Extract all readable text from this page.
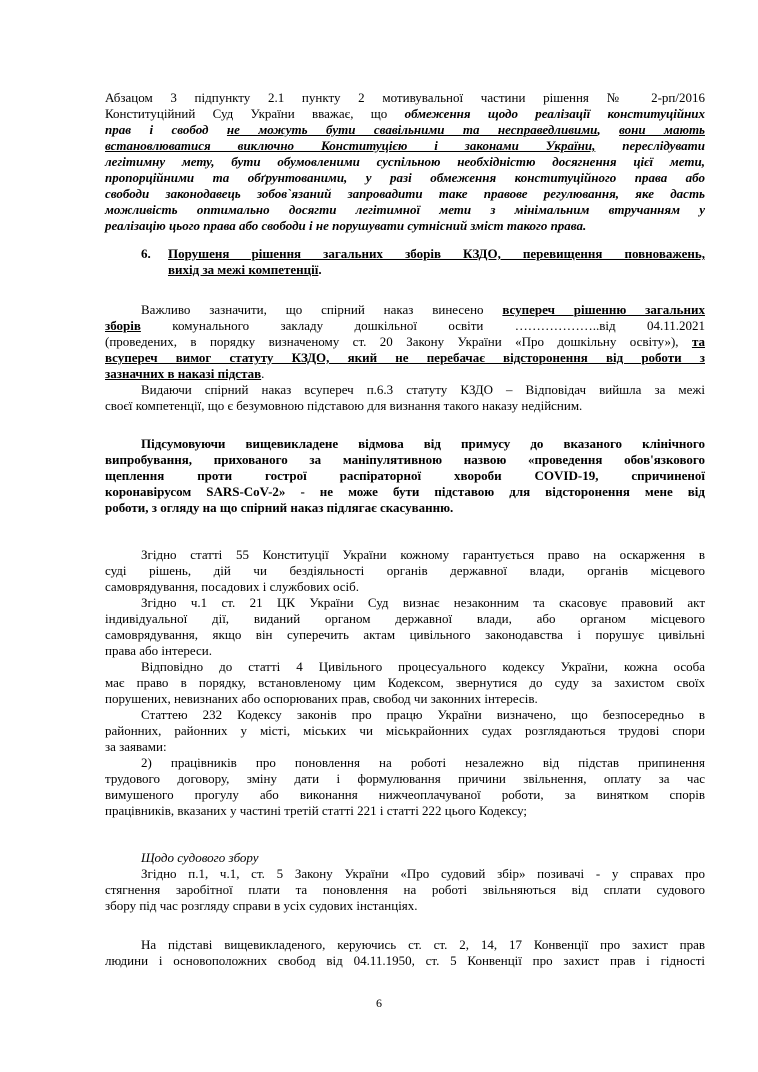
Абзацом 3 підпункту 2.1 пункту 2 мотивувальної частини рішення № 2-рп/2016
Конституційний Суд України вважає, що обмеження щодо реалізації конституційних
прав і свобод не можуть бути свавільними та несправедливими, вони мають
встановлюватися виключно Конституцією і законами України, переслідувати
легітимну мету, бути обумовленими суспільною необхідністю досягнення цієї мети,
пропорційними та обґрунтованими, у разі обмеження конституційного права або
свободи законодавець зобов`язаний запровадити таке правове регулювання, яке дасть
можливість оптимально досягти легітимної мети з мінімальним втручанням у
реалізацію цього права або свободи і не порушувати сутнісний зміст такого права.
6.	Порушеня рішення загальних зборів КЗДО, перевищення повноважень,
вихід за межі компетенції.
Важливо зазначити, що спірний наказ винесено всупереч рішенню загальних
зборів комунального закладу дошкільної освіти ………………..від 04.11.2021
(проведених, в порядку визначеному ст. 20 Закону України «Про дошкільну освіту»), та
всупереч вимог статуту КЗДО, який не перебачає відсторонення від роботи з
зазначних в наказі підстав.
Видаючи спірний наказ всупереч п.6.3 статуту КЗДО – Відповідач вийшла за межі
своєї компетенції, що є безумовною підставою для визнання такого наказу недійсним.
Підсумовуючи вищевикладене відмова від примусу до вказаного клінічного
випробування, прихованого за маніпулятивною назвою «проведення обов'язкового
щеплення проти гострої распіраторної хвороби COVID-19, спричиненої
коронавірусом SARS-CoV-2» - не може бути підставою для відсторонення мене від
роботи, з огляду на що спірний наказ підлягає скасуванню.
Згідно статті 55 Конституції України кожному гарантується право на оскарження в
суді рішень, дій чи бездіяльності органів державної влади, органів місцевого
самоврядування, посадових і службових осіб.
Згідно ч.1 ст. 21 ЦК України Суд визнає незаконним та скасовує правовий акт
індивідуальної дії, виданий органом державної влади, або органом місцевого
самоврядування, якщо він суперечить актам цивільного законодавства і порушує цивільні
права або інтереси.
Відповідно до статті 4 Цивільного процесуального кодексу України, кожна особа
має право в порядку, встановленому цим Кодексом, звернутися до суду за захистом своїх
порушених, невизнаних або оспорюваних прав, свобод чи законних інтересів.
Статтею 232 Кодексу законів про працю України визначено, що безпосередньо в
районних, районних у місті, міських чи міськрайонних судах розглядаються трудові спори
за заявами:
2) працівників про поновлення на роботі незалежно від підстав припинення
трудового договору, зміну дати і формулювання причини звільнення, оплату за час
вимушеного прогулу або виконання нижчеоплачуваної роботи, за винятком спорів
працівників, вказаних у частині третій статті 221 і статті 222 цього Кодексу;
Щодо судового збору
Згідно п.1, ч.1, ст. 5 Закону України «Про судовий збір» позивачі - у справах про
стягнення заробітної плати та поновлення на роботі звільняються від сплати судового
збору під час розгляду справи в усіх судових інстанціях.
На підставі вищевикладеного, керуючись ст. ст. 2, 14, 17 Конвенції про захист прав
людини і основоположних свобод від 04.11.1950, ст. 5 Конвенції про захист прав і гідності
6
